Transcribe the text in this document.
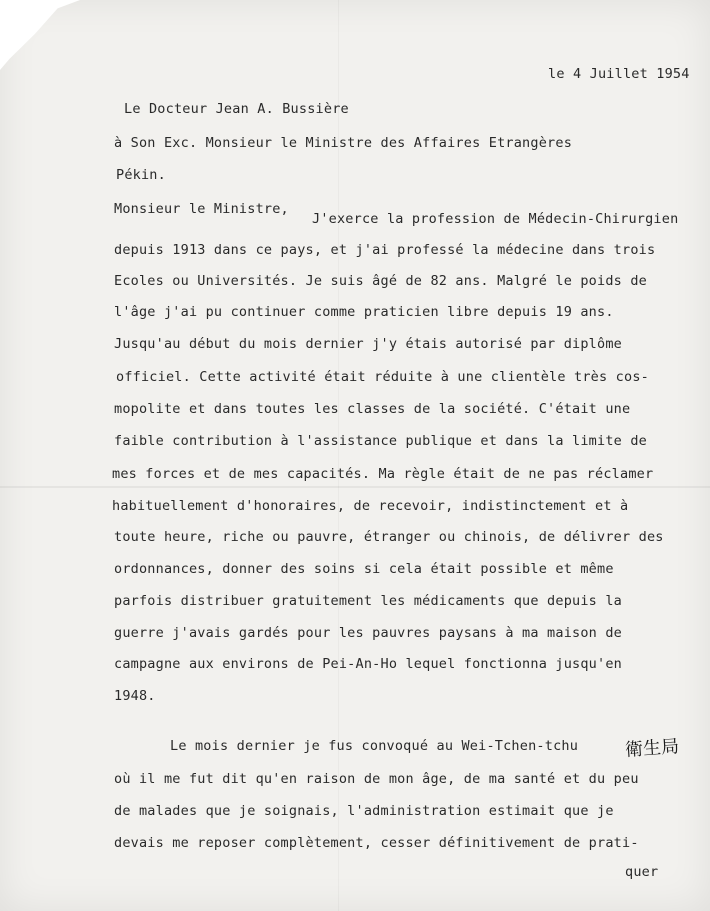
le 4 Juillet 1954
Le Docteur Jean A. Bussière
à Son Exc. Monsieur le Ministre des Affaires Etrangères
Pékin.
Monsieur le Ministre,
J'exerce la profession de Médecin-Chirurgien
depuis 1913 dans ce pays, et j'ai professé la médecine dans trois
Ecoles ou Universités. Je suis âgé de 82 ans. Malgré le poids de
l'âge j'ai pu continuer comme praticien libre depuis 19 ans.
Jusqu'au début du mois dernier j'y étais autorisé par diplôme
officiel. Cette activité était réduite à une clientèle très cos-
mopolite et dans toutes les classes de la société. C'était une
faible contribution à l'assistance publique et dans la limite de
mes forces et de mes capacités. Ma règle était de ne pas réclamer
habituellement d'honoraires, de recevoir, indistinctement et à
toute heure, riche ou pauvre, étranger ou chinois, de délivrer des
ordonnances, donner des soins si cela était possible et même
parfois distribuer gratuitement les médicaments que depuis la
guerre j'avais gardés pour les pauvres paysans à ma maison de
campagne aux environs de Pei-An-Ho lequel fonctionna jusqu'en
1948.
Le mois dernier je fus convoqué au Wei-Tchen-tchu
où il me fut dit qu'en raison de mon âge, de ma santé et du peu
de malades que je soignais, l'administration estimait que je
devais me reposer complètement, cesser définitivement de prati-
quer
衛生局
